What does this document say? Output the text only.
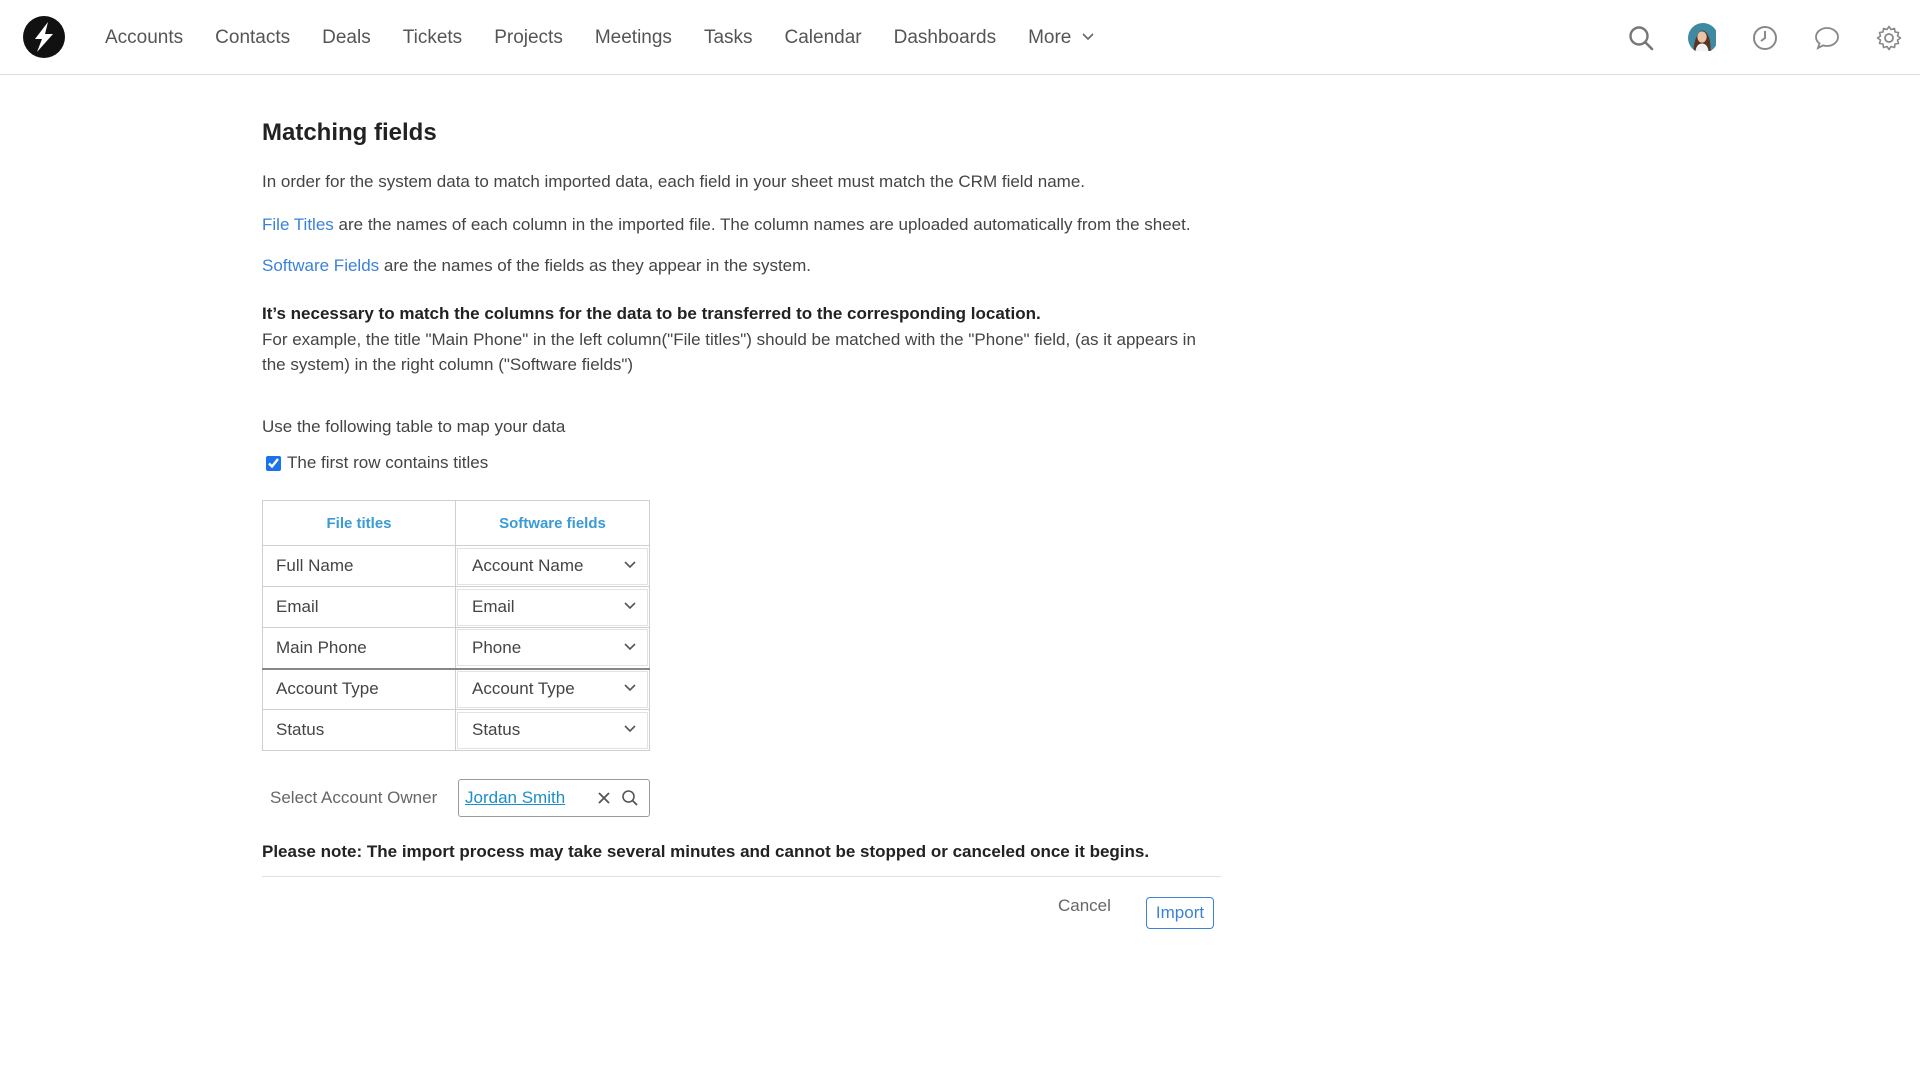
Accounts	Contacts	Deals	Tickets	Projects	Meetings	Tasks	Calendar	Dashboards	More
Matching fields
In order for the system data to match imported data, each field in your sheet must match the CRM field name.
File Titles are the names of each column in the imported file. The column names are uploaded automatically from the sheet.
Software Fields are the names of the fields as they appear in the system.
It’s necessary to match the columns for the data to be transferred to the corresponding location.
For example, the title "Main Phone" in the left column("File titles") should be matched with the "Phone" field, (as it appears in the system) in the right column ("Software fields")
Use the following table to map your data
The first row contains titles
File titles	Software fields
Full Name	Account Name

Email	Email

Main Phone	Phone

Account Type	Account Type

Status	Status
Select Account Owner	Jordan Smith
Please note: The import process may take several minutes and cannot be stopped or canceled once it begins.
Cancel	Import
